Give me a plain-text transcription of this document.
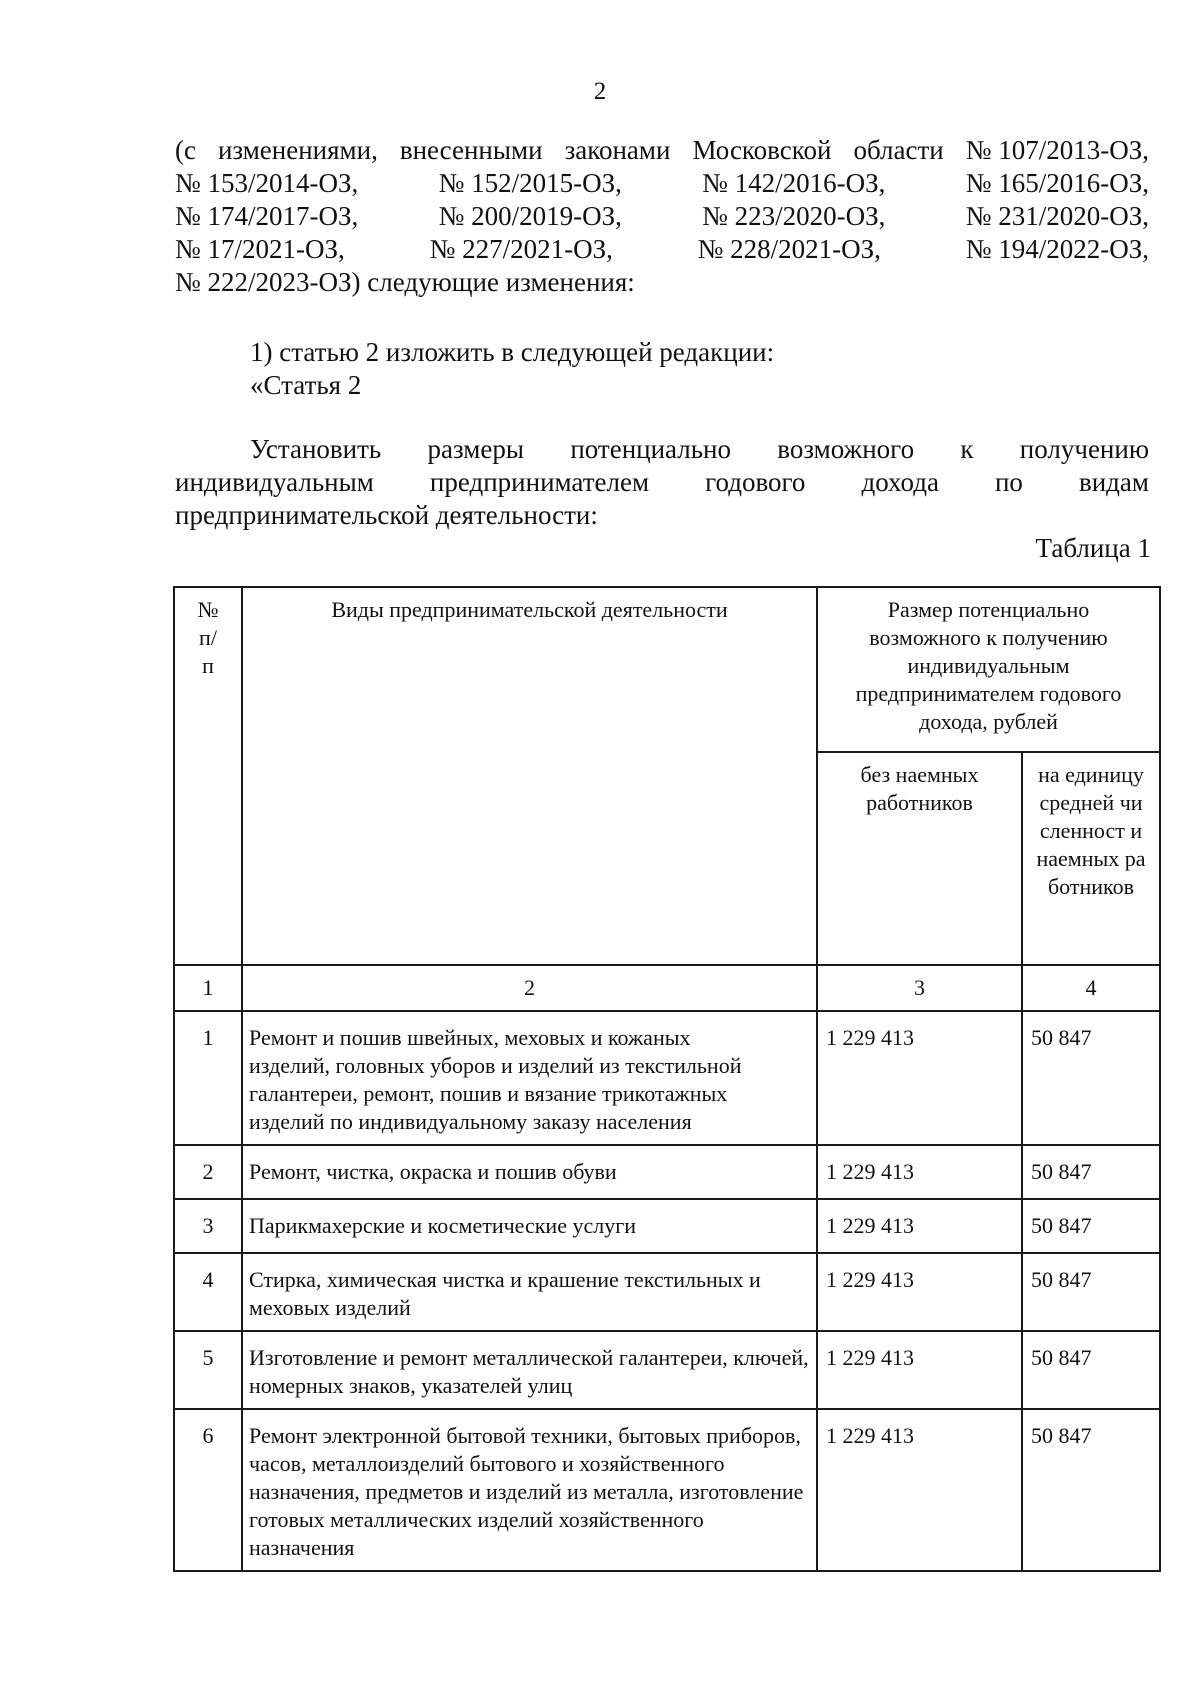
2
(с изменениями, внесенными законами Московской области № 107/2013-ОЗ,
№ 153/2014-ОЗ,	№ 152/2015-ОЗ,	№ 142/2016-ОЗ,	№ 165/2016-ОЗ,
№ 174/2017-ОЗ,	№ 200/2019-ОЗ,	№ 223/2020-ОЗ,	№ 231/2020-ОЗ,
№ 17/2021-ОЗ,	№ 227/2021-ОЗ,	№ 228/2021-ОЗ,	№ 194/2022-ОЗ,
№ 222/2023-ОЗ) следующие изменения:
1) статью 2 изложить в следующей редакции:
«Статья 2
Установить размеры потенциально возможного к получению
индивидуальным предпринимателем годового дохода по видам
предпринимательской деятельности:
Таблица 1
№ п/п	Виды предпринимательской деятельности	Размер потенциально возможного к получению индивидуальным предпринимателем годового дохода, рублей	

		без наемных работников	на единицу средней численност и наемных работников

1	2	3	4
1	Ремонт и пошив швейных, меховых и кожаных изделий, головных уборов и изделий из текстильной галантереи, ремонт, пошив и вязание трикотажных изделий по индивидуальному заказу населения	1 229 413	50 847
2	Ремонт, чистка, окраска и пошив обуви	1 229 413	50 847
3	Парикмахерские и косметические услуги	1 229 413	50 847
4	Стирка, химическая чистка и крашение текстильных и меховых изделий	1 229 413	50 847
5	Изготовление и ремонт металлической галантереи, ключей, номерных знаков, указателей улиц	1 229 413	50 847
6	Ремонт электронной бытовой техники, бытовых приборов, часов, металлоизделий бытового и хозяйственного назначения, предметов и изделий из металла, изготовление готовых металлических изделий хозяйственного назначения	1 229 413	50 847
